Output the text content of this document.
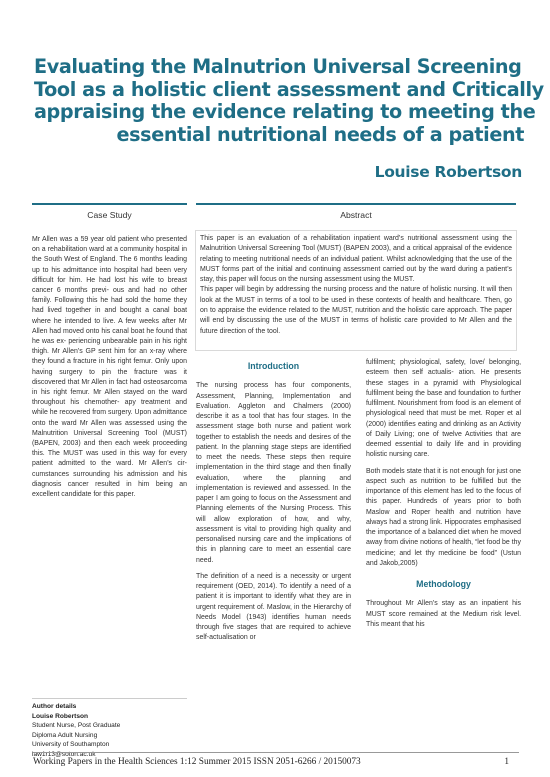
Evaluating the Malnutrion Universal Screening
Tool as a holistic client assessment and Critically
appraising the evidence relating to meeting the
essential nutritional needs of a patient
Louise Robertson
Case Study	Abstract

Mr Allen was a 59 year old patient who presented on a rehabilitation ward at a community hospital in the South West of England. The 6 months leading up to his admittance into hospital had been very difficult for him. He had lost his wife to breast cancer 6 months previ- ous and had no other family. Following this he had sold the home they had lived together in and bought a canal boat where he intended to live. A few weeks after Mr Allen had moved onto his canal boat he found that he was ex- periencing unbearable pain in his right thigh. Mr Allen’s GP sent him for an x-ray where they found a fracture in his right femur. Only upon having surgery to pin the fracture was it discovered that Mr Allen in fact had osteosarcoma in his right femur. Mr Allen stayed on the ward throughout his chemother- apy treatment and while he recovered from surgery. Upon admittance onto the ward Mr Allen was assessed using the Malnutrition Universal Screening Tool (MUST) (BAPEN, 2003) and then each week proceeding this. The MUST was used in this way for every patient admitted to the ward. Mr Allen’s cir- cumstances surrounding his admission and his diagnosis cancer resulted in him being an excellent candidate for this paper.

This paper is an evaluation of a rehabilitation inpatient ward’s nutritional assessment using the Malnutrition Universal Screening Tool (MUST) (BAPEN 2003), and a critical appraisal of the evidence relating to meeting nutritional needs of an individual patient. Whilst acknowledging that the use of the MUST forms part of the initial and continuing assessment carried out by the ward during a patient’s stay, this paper will focus on the nursing assessment using the MUST.
This paper will begin by addressing the nursing process and the nature of holistic nursing. It will then look at the MUST in terms of a tool to be used in these contexts of health and healthcare. Then, go on to appraise the evidence related to the MUST, nutrition and the holistic care approach. The paper will end by discussing the use of the MUST in terms of holistic care provided to Mr Allen and the future direction of the tool.
Author details
Louise Robertson
Student Nurse, Post Graduate
Diploma Adult Nursing
University of Southampton
law1r13@soton.ac.uk
Introduction

The nursing process has four components, Assessment, Planning, Implementation and Evaluation. Aggleton and Chalmers (2000) describe it as a tool that has four stages. In the assessment stage both nurse and patient work together to establish the needs and desires of the patient. In the planning stage steps are identified to meet the needs. These steps then require implementation in the third stage and then finally evaluation, where the planning and implementation is reviewed and assessed. In the paper I am going to focus on the Assessment and Planning elements of the Nursing Process. This will allow exploration of how, and why, assessment is vital to providing high quality and personalised nursing care and the implications of this in planning care to meet an essential care need.

The definition of a need is a necessity or urgent requirement (OED, 2014). To identify a need of a patient it is important to identify what they are in urgent requirement of. Maslow, in the Hierarchy of Needs Model (1943) identifies human needs through five stages that are required to achieve self-actualisation or

fulfilment; physiological, safety, love/ belonging, esteem then self actualis- ation. He presents these stages in a pyramid with Physiological fulfilment being the base and foundation to further fulfilment. Nourishment from food is an element of physiological need that must be met. Roper et al (2000) identifies eating and drinking as an Activity of Daily Living; one of twelve Activities that are deemed essential to daily life and in providing holistic nursing care.

Both models state that it is not enough for just one aspect such as nutrition to be fulfilled but the importance of this element has led to the focus of this paper. Hundreds of years prior to both Maslow and Roper health and nutrition have always had a strong link. Hippocrates emphasised the importance of a balanced diet when he moved away from divine notions of health, “let food be thy medicine; and let thy medicine be food” (Ustun and Jakob,2005)

Methodology

Throughout Mr Allen’s stay as an inpatient his MUST score remained at the Medium risk level. This meant that his

Working Papers in the Health Sciences 1:12 Summer 2015 ISSN 2051-6266 / 20150073	1
